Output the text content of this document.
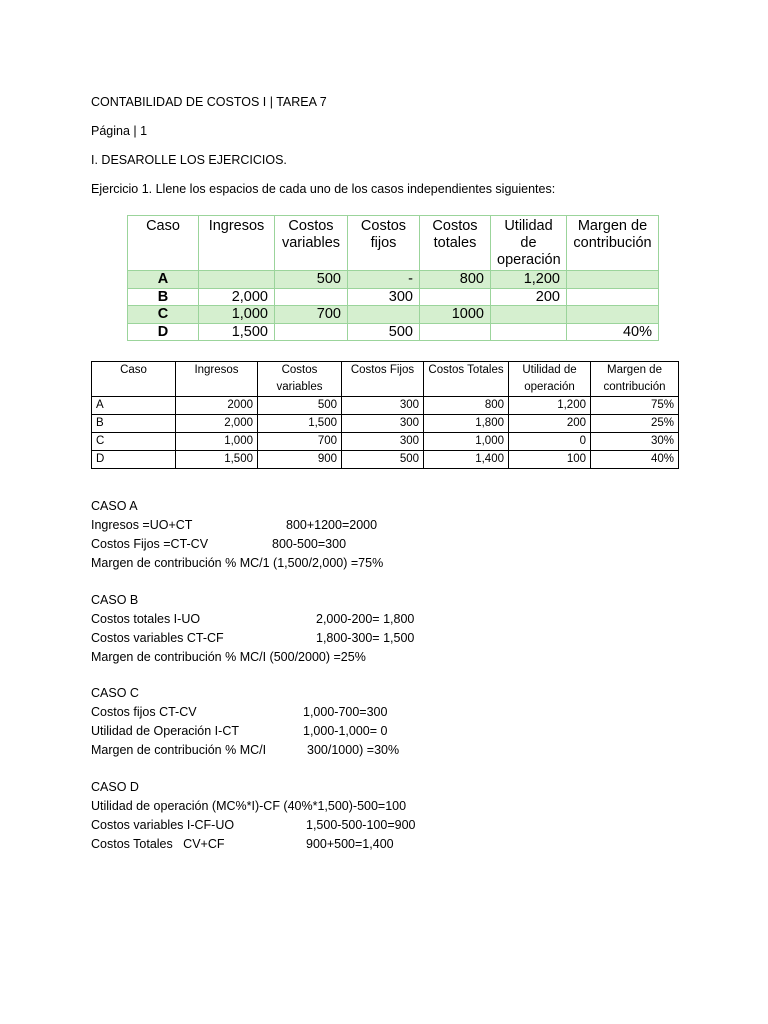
CONTABILIDAD DE COSTOS I | TAREA 7
Página | 1
I. DESAROLLE LOS EJERCICIOS.
Ejercicio 1. Llene los espacios de cada uno de los casos independientes siguientes:
Caso	Ingresos	Costos variables	Costos fijos	Costos totales	Utilidad de operación	Margen de contribución
A		500	-	800	1,200	
B	2,000		300		200	
C	1,000	700		1000		
D	1,500		500			40%
Caso	Ingresos	Costos variables	Costos Fijos	Costos Totales	Utilidad de operación	Margen de contribución
A	2000	500	300	800	1,200	75%
B	2,000	1,500	300	1,800	200	25%
C	1,000	700	300	1,000	0	30%
D	1,500	900	500	1,400	100	40%
CASO A
Ingresos =UO+CT	800+1200=2000
Costos Fijos =CT-CV	800-500=300
Margen de contribución % MC/1 (1,500/2,000) =75%
CASO B
Costos totales I-UO	2,000-200= 1,800
Costos variables CT-CF	1,800-300= 1,500
Margen de contribución % MC/I (500/2000) =25%
CASO C
Costos fijos CT-CV	1,000-700=300
Utilidad de Operación I-CT	1,000-1,000= 0
Margen de contribución % MC/I	300/1000) =30%
CASO D
Utilidad de operación (MC%*I)-CF (40%*1,500)-500=100
Costos variables I-CF-UO	1,500-500-100=900
Costos Totales   CV+CF	900+500=1,400
